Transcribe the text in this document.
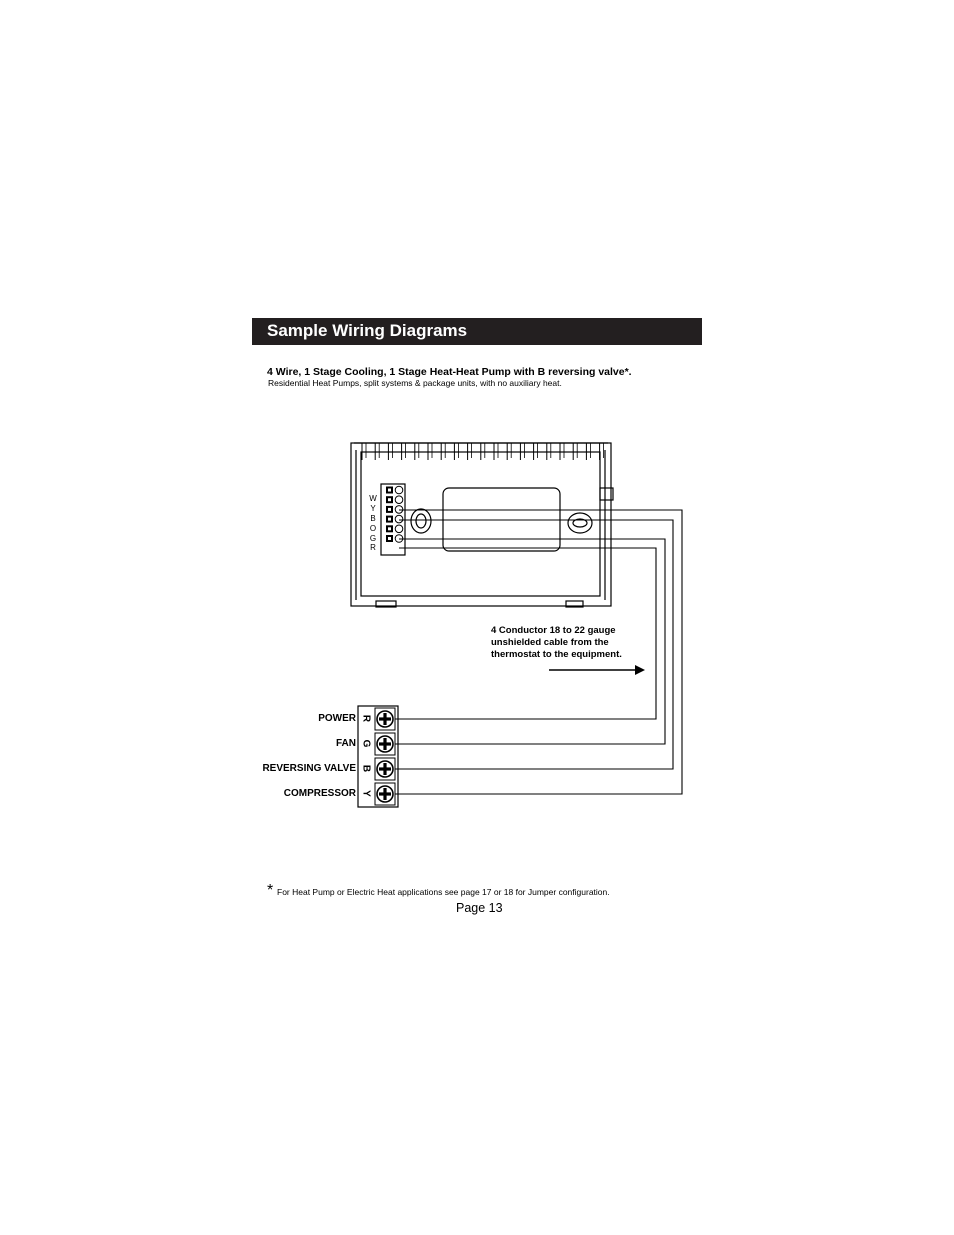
Sample Wiring Diagrams
4 Wire, 1 Stage Cooling, 1 Stage Heat-Heat Pump with B reversing valve*.
Residential Heat Pumps, split systems & package units, with no auxiliary heat.
W
Y
B
O
G
R
4 Conductor 18 to 22 gauge
unshielded cable from the
thermostat to the equipment.
POWER
FAN
REVERSING VALVE
COMPRESSOR
R
G
B
Y
* For Heat Pump or Electric Heat applications see page 17 or 18 for Jumper configuration.
Page 13
